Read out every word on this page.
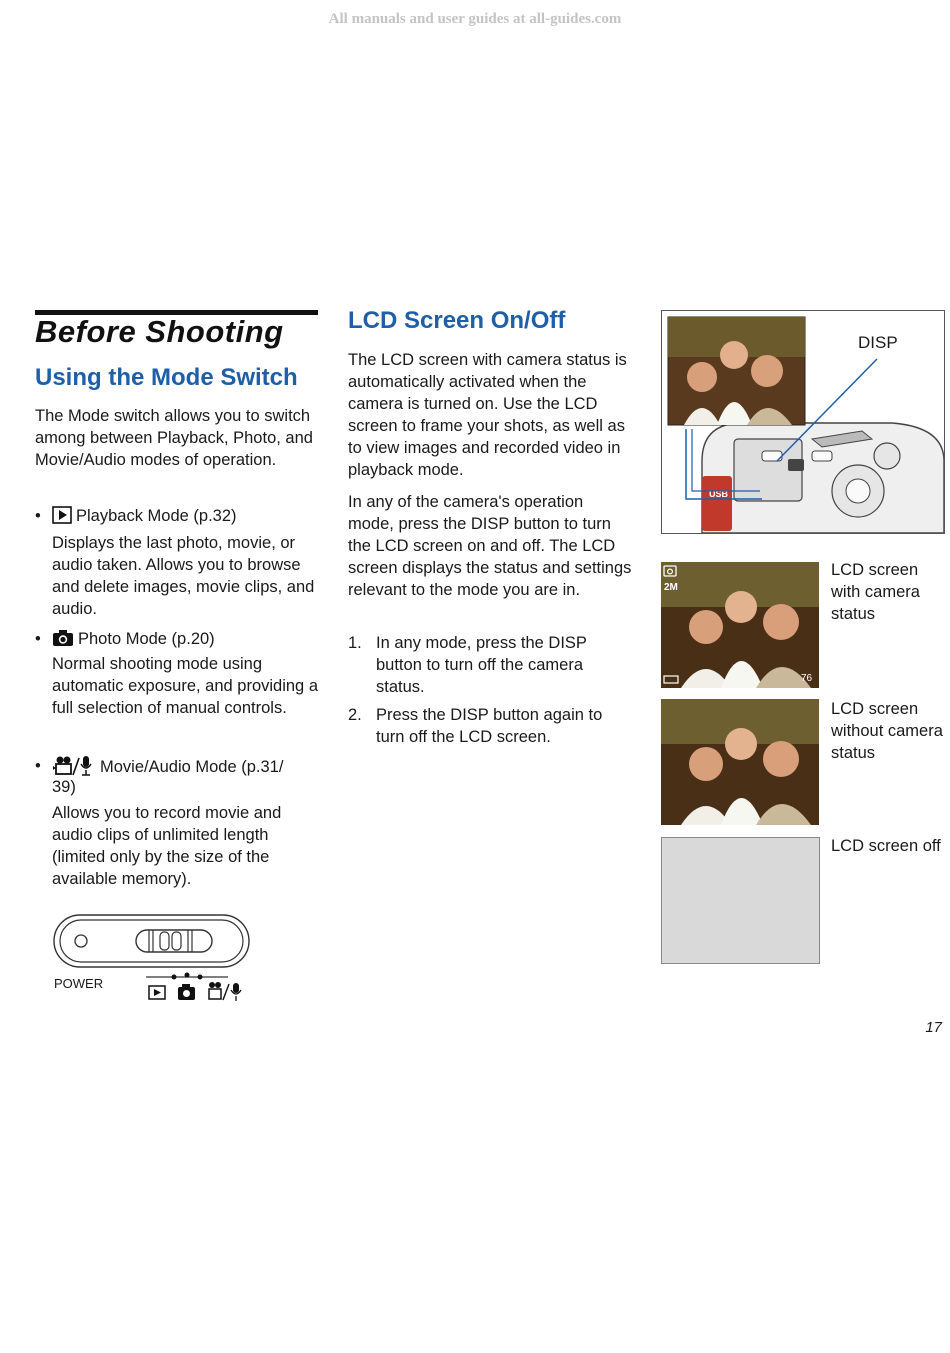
All manuals and user guides at all-guides.com
Before Shooting
Using the Mode Switch
The Mode switch allows you to switch among between Playback, Photo, and Movie/Audio modes of operation.
•	Playback Mode (p.32)
Displays the last photo, movie, or audio taken. Allows you to browse and delete images, movie clips, and audio.
•	Photo Mode (p.20)
Normal shooting mode using automatic exposure, and providing a full selection of manual controls.
•	Movie/Audio Mode (p.31/
39)
Allows you to record movie and audio clips of unlimited length (limited only by the size of the available memory).
POWER
LCD Screen On/Off
The LCD screen with camera status is automatically activated when the camera is turned on. Use the LCD screen to frame your shots, as well as to view images and recorded video in playback mode.
In any of the camera's operation mode, press the DISP button to turn the LCD screen on and off. The LCD screen displays the status and settings relevant to the mode you are in.
1. In any mode, press the DISP button to turn off the camera status.
2. Press the DISP button again to turn off the LCD screen.
USB
DISP
2M
76
LCD screen with camera status
LCD screen without camera status
LCD screen off
17
